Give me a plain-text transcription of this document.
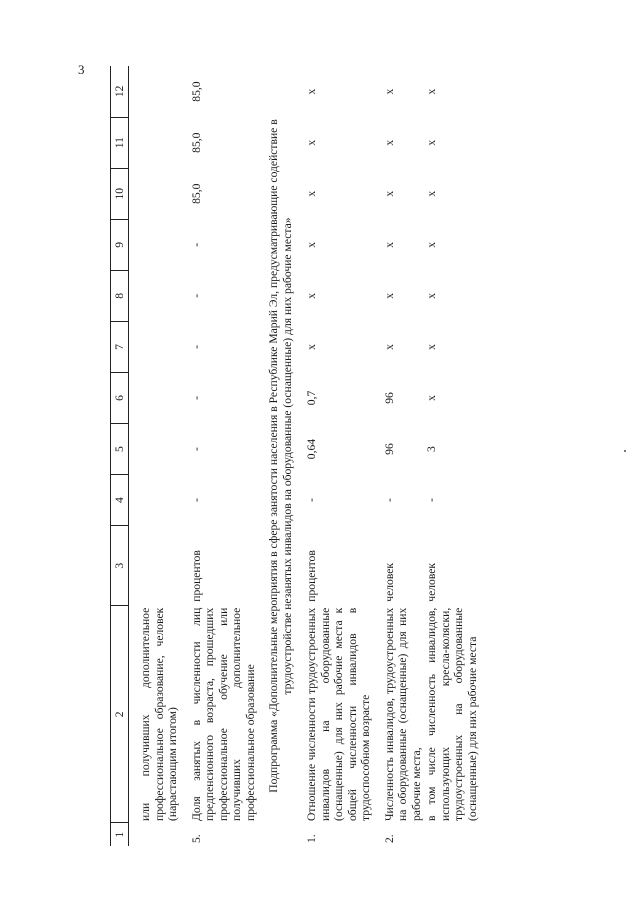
3
1	2	3	4	5	6	7	8	9	10	11	12

	или получивших дополнительное профессиональное образование, человек (нарастающим итогом)										

5.	Доля занятых в численности лиц предпенсионного возраста, прошедших профессиональное обучение или получивших дополнительное профессиональное образование	процентов	-	-	-	-	-	-	85,0	85,0	85,0
Подпрограмма «Дополнительные мероприятия в сфере занятости населения в Республике Марий Эл, предусматривающие содействие в трудоустройстве незанятых инвалидов на оборудованные (оснащенные) для них рабочие места»											
1.	Отношение численности трудоустроенных инвалидов на оборудованные (оснащенные) для них рабочие места к общей численности инвалидов в трудоспособном возрасте	процентов	-	0,64	0,7	х	х	х	х	х	х

2.	Численность инвалидов, трудоустроенных на оборудованные (оснащенные) для них рабочие места,	человек	-	96	96	х	х	х	х	х	х
	в том числе численность инвалидов, использующих кресла-коляски, трудоустроенных на оборудованные (оснащенные) для них рабочие места	человек	-	3	х	х	х	х	х	х	х
